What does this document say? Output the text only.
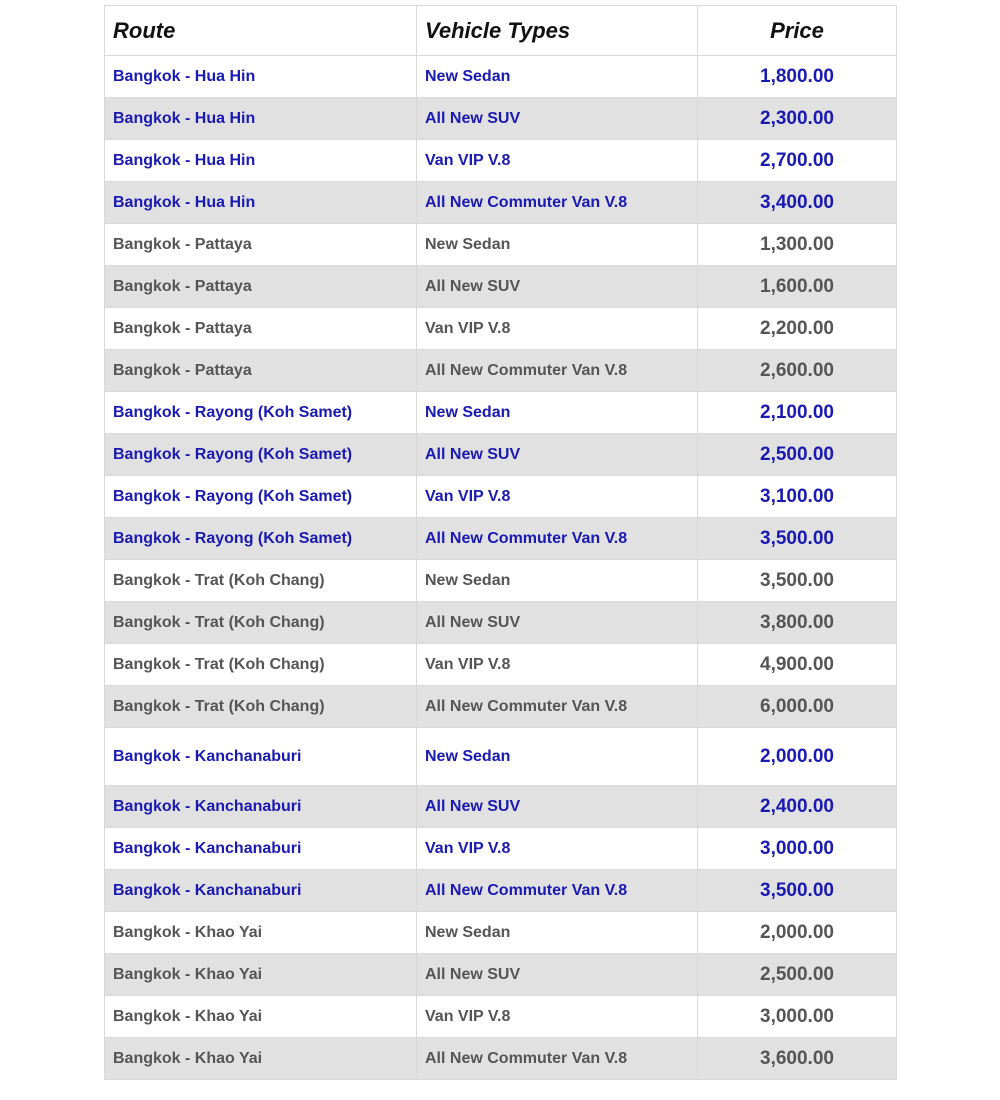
Route	Vehicle Types	Price
Bangkok - Hua Hin	New Sedan	1,800.00
Bangkok - Hua Hin	All New SUV	2,300.00
Bangkok - Hua Hin	Van VIP V.8	2,700.00
Bangkok - Hua Hin	All New Commuter Van V.8	3,400.00
Bangkok - Pattaya	New Sedan	1,300.00
Bangkok - Pattaya	All New SUV	1,600.00
Bangkok - Pattaya	Van VIP V.8	2,200.00
Bangkok - Pattaya	All New Commuter Van V.8	2,600.00
Bangkok - Rayong (Koh Samet)	New Sedan	2,100.00
Bangkok - Rayong (Koh Samet)	All New SUV	2,500.00
Bangkok - Rayong (Koh Samet)	Van VIP V.8	3,100.00
Bangkok - Rayong (Koh Samet)	All New Commuter Van V.8	3,500.00
Bangkok - Trat (Koh Chang)	New Sedan	3,500.00
Bangkok - Trat (Koh Chang)	All New SUV	3,800.00
Bangkok - Trat (Koh Chang)	Van VIP V.8	4,900.00
Bangkok - Trat (Koh Chang)	All New Commuter Van V.8	6,000.00
Bangkok - Kanchanaburi	New Sedan	2,000.00
Bangkok - Kanchanaburi	All New SUV	2,400.00
Bangkok - Kanchanaburi	Van VIP V.8	3,000.00
Bangkok - Kanchanaburi	All New Commuter Van V.8	3,500.00
Bangkok - Khao Yai	New Sedan	2,000.00
Bangkok - Khao Yai	All New SUV	2,500.00
Bangkok - Khao Yai	Van VIP V.8	3,000.00
Bangkok - Khao Yai	All New Commuter Van V.8	3,600.00
